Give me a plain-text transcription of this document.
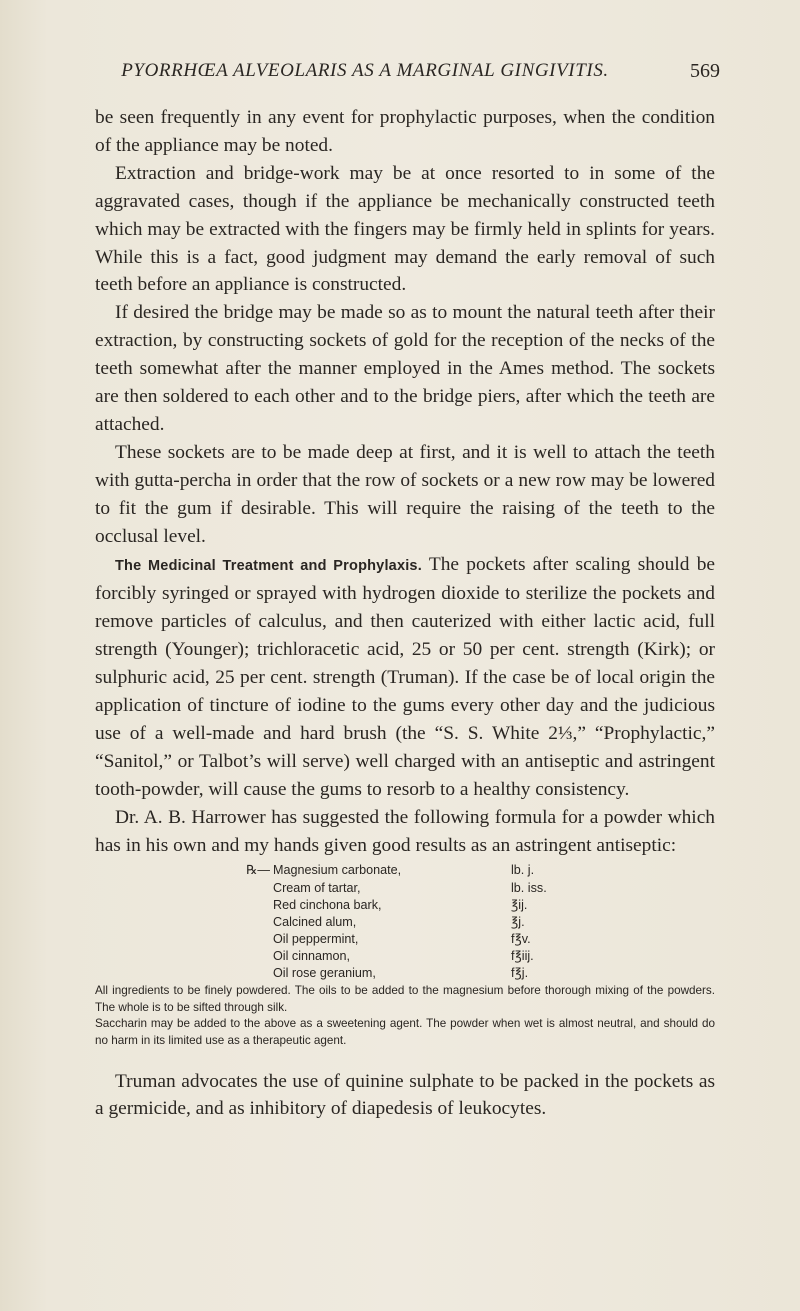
PYORRHŒA ALVEOLARIS AS A MARGINAL GINGIVITIS.	569

be seen frequently in any event for prophylactic purposes, when the condition of the appliance may be noted.

Extraction and bridge-work may be at once resorted to in some of the aggravated cases, though if the appliance be mechanically constructed teeth which may be extracted with the fingers may be firmly held in splints for years. While this is a fact, good judgment may demand the early removal of such teeth before an appliance is constructed.

If desired the bridge may be made so as to mount the natural teeth after their extraction, by constructing sockets of gold for the reception of the necks of the teeth somewhat after the manner employed in the Ames method. The sockets are then soldered to each other and to the bridge piers, after which the teeth are attached.

These sockets are to be made deep at first, and it is well to attach the teeth with gutta-percha in order that the row of sockets or a new row may be lowered to fit the gum if desirable. This will require the raising of the teeth to the occlusal level.

The Medicinal Treatment and Prophylaxis. The pockets after scaling should be forcibly syringed or sprayed with hydrogen dioxide to sterilize the pockets and remove particles of calculus, and then cauterized with either lactic acid, full strength (Younger); trichloracetic acid, 25 or 50 per cent. strength (Kirk); or sulphuric acid, 25 per cent. strength (Truman). If the case be of local origin the application of tincture of iodine to the gums every other day and the judicious use of a well-made and hard brush (the “S. S. White 2⅓,” “Prophylactic,” “Sanitol,” or Talbot’s will serve) well charged with an antiseptic and astringent tooth-powder, will cause the gums to resorb to a healthy consistency.

Dr. A. B. Harrower has suggested the following formula for a powder which has in his own and my hands given good results as an astringent antiseptic:

℞— Magnesium carbonate,	lb. j.
Cream of tartar,	lb. iss.
Red cinchona bark,	℥ij.
Calcined alum,	℥j.
Oil peppermint,	f℥v.
Oil cinnamon,	f℥iij.
Oil rose geranium,	f℥j.

All ingredients to be finely powdered. The oils to be added to the magnesium before thorough mixing of the powders. The whole is to be sifted through silk.

Saccharin may be added to the above as a sweetening agent. The powder when wet is almost neutral, and should do no harm in its limited use as a therapeutic agent.

Truman advocates the use of quinine sulphate to be packed in the pockets as a germicide, and as inhibitory of diapedesis of leukocytes.
